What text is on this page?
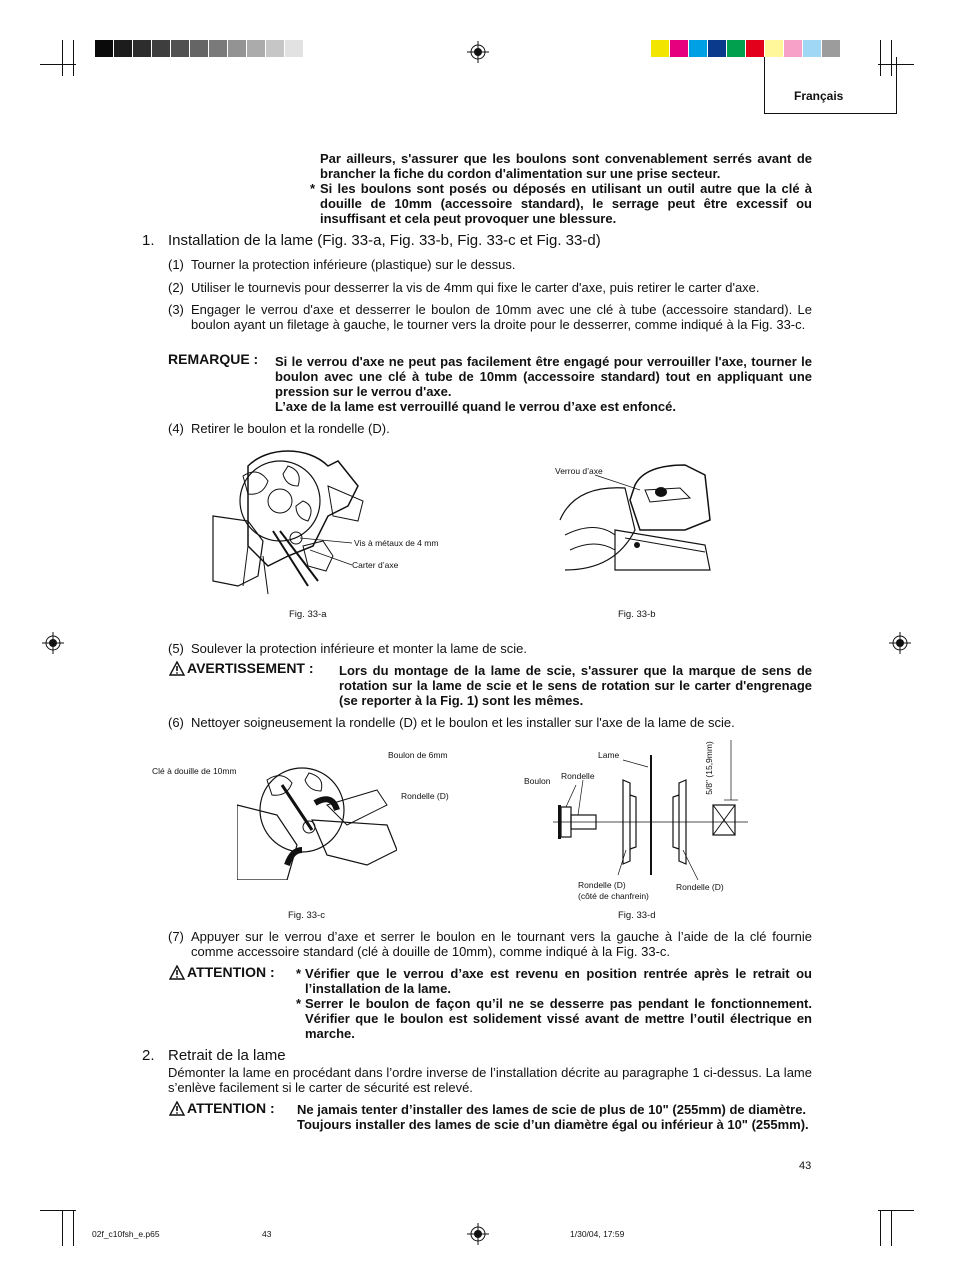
Français
Par ailleurs, s'assurer que les boulons sont convenablement serrés avant de brancher la fiche du cordon d'alimentation sur une prise secteur.
* Si les boulons sont posés ou déposés en utilisant un outil autre que la clé à douille de 10mm (accessoire standard), le serrage peut être excessif ou insuffisant et cela peut provoquer une blessure.
1. Installation de la lame (Fig. 33-a, Fig. 33-b, Fig. 33-c et Fig. 33-d)
(1) Tourner la protection inférieure (plastique) sur le dessus.
(2) Utiliser le tournevis pour desserrer la vis de 4mm qui fixe le carter d'axe, puis retirer le carter d'axe.
(3) Engager le verrou d'axe et desserrer le boulon de 10mm avec une clé à tube (accessoire standard). Le boulon ayant un filetage à gauche, le tourner vers la droite pour le desserrer, comme indiqué à la Fig. 33-c.
REMARQUE : Si le verrou d'axe ne peut pas facilement être engagé pour verrouiller l'axe, tourner le boulon avec une clé à tube de 10mm (accessoire standard) tout en appliquant une pression sur le verrou d'axe.
L’axe de la lame est verrouillé quand le verrou d’axe est enfoncé.
(4) Retirer le boulon et la rondelle (D).
Vis à métaux de 4 mm
Carter d’axe
Fig. 33-a
Verrou d’axe
Fig. 33-b
(5) Soulever la protection inférieure et monter la lame de scie.
AVERTISSEMENT : Lors du montage de la lame de scie, s'assurer que la marque de sens de rotation sur la lame de scie et le sens de rotation sur le carter d'engrenage (se reporter à la Fig. 1) sont les mêmes.
(6) Nettoyer soigneusement la rondelle (D) et le boulon et les installer sur l'axe de la lame de scie.
Clé à douille de 10mm
Boulon de 6mm
Rondelle (D)
Fig. 33-c
Lame
Rondelle
Boulon
Rondelle (D)
(côté de chanfrein)
Rondelle (D)
5/8" (15,9mm)
Fig. 33-d
(7) Appuyer sur le verrou d’axe et serrer le boulon en le tournant vers la gauche à l’aide de la clé fournie comme accessoire standard (clé à douille de 10mm), comme indiqué à la Fig. 33-c.
ATTENTION : * Vérifier que le verrou d’axe est revenu en position rentrée après le retrait ou l’installation de la lame.
* Serrer le boulon de façon qu’il ne se desserre pas pendant le fonctionnement. Vérifier que le boulon est solidement vissé avant de mettre l’outil électrique en marche.
2. Retrait de la lame
Démonter la lame en procédant dans l’ordre inverse de l’installation décrite au paragraphe 1 ci-dessus. La lame s’enlève facilement si le carter de sécurité est relevé.
ATTENTION : Ne jamais tenter d’installer des lames de scie de plus de 10" (255mm) de diamètre.
Toujours installer des lames de scie d’un diamètre égal ou inférieur à 10" (255mm).
43
02f_c10fsh_e.p65	43	1/30/04, 17:59
